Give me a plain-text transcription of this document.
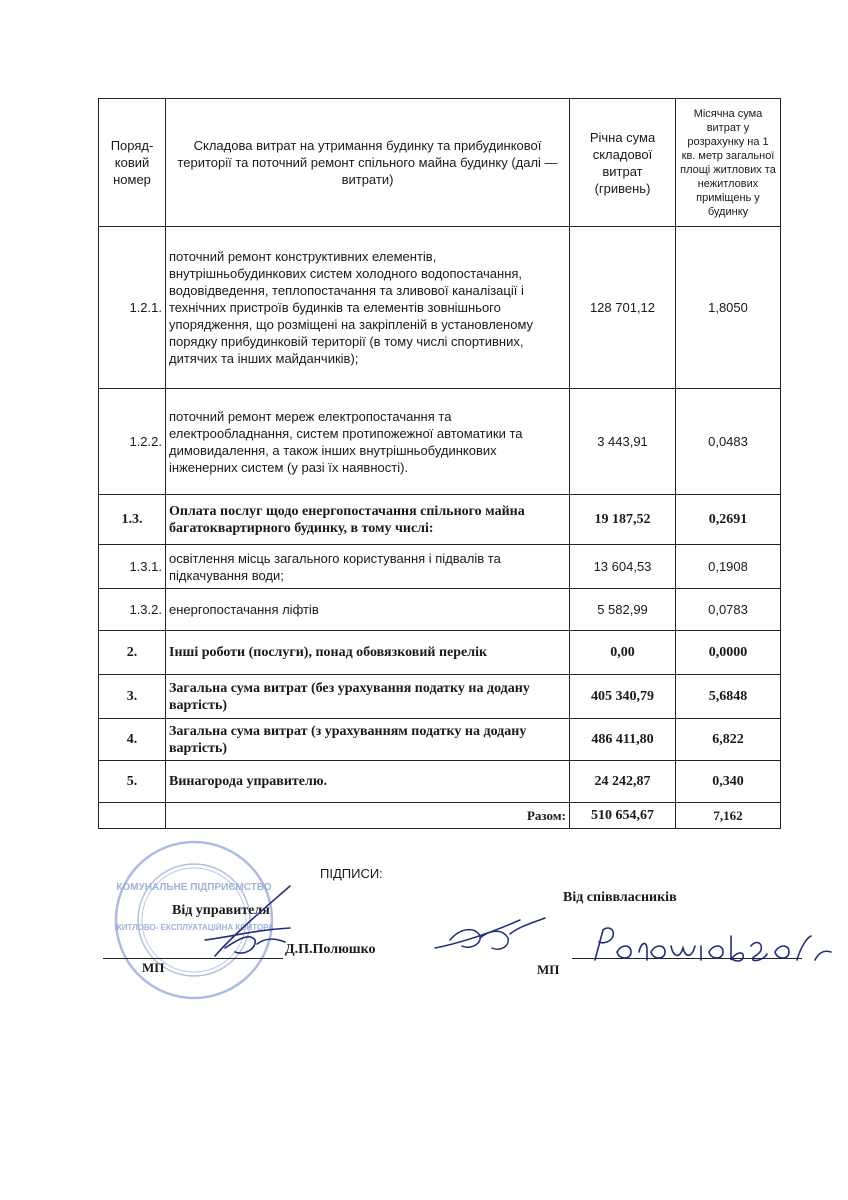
Поряд-ковий номер	Складова витрат на утримання будинку та прибудинкової території та поточний ремонт спільного майна будинку (далі — витрати)	Річна сума складової витрат (гривень)	Місячна сума витрат у розрахунку на 1 кв. метр загальної площі житлових та нежитлових приміщень у будинку
1.2.1.	поточний ремонт конструктивних елементів, внутрішньобудинкових систем холодного водопостачання, водовідведення, теплопостачання та зливової каналізації і технічних пристроїв будинків та елементів зовнішнього упорядження, що розміщені на закріпленій в установленому порядку прибудинковій території (в тому числі спортивних, дитячих та інших майданчиків);	128 701,12	1,8050
1.2.2.	поточний ремонт мереж електропостачання та електрообладнання, систем протипожежної автоматики та димовидалення, а також інших внутрішньобудинкових інженерних систем (у разі їх наявності).	3 443,91	0,0483
1.3.	Оплата послуг щодо енергопостачання спільного майна багатоквартирного будинку, в тому числі:	19 187,52	0,2691
1.3.1.	освітлення місць загального користування і підвалів та підкачування води;	13 604,53	0,1908
1.3.2.	енергопостачання ліфтів	5 582,99	0,0783
2.	Інші роботи (послуги), понад обовязковий перелік	0,00	0,0000
3.	Загальна сума витрат (без урахування податку на додану вартість)	405 340,79	5,6848
4.	Загальна сума витрат (з урахуванням податку на додану вартість)	486 411,80	6,822
5.	Винагорода управителю.	24 242,87	0,340
	Разом:	510 654,67	7,162
КОМУНАЛЬНЕ ПІДПРИЄМСТВО
ЖИТЛОВО- ЕКСПЛУАТАЦІЙНА КОНТОРА
ПІДПИСИ:
Від управителя
Від співвласників
Д.П.Полюшко
МП	МП
